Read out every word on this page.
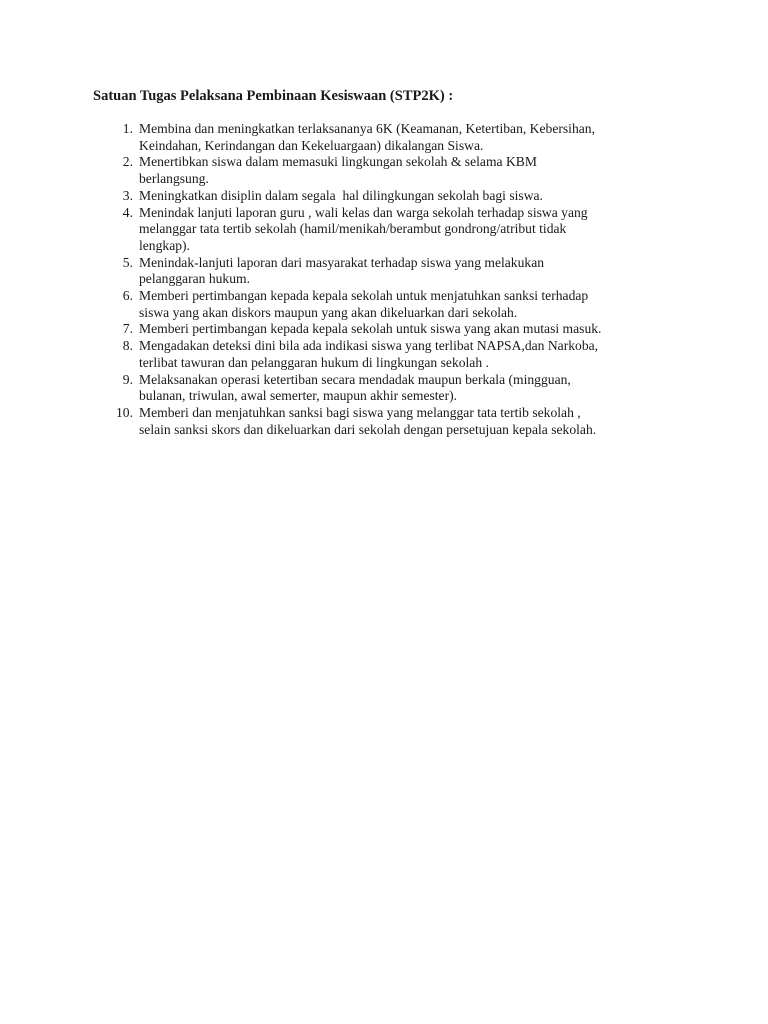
Satuan Tugas Pelaksana Pembinaan Kesiswaan (STP2K) :
1. Membina dan meningkatkan terlaksananya 6K (Keamanan, Ketertiban, Kebersihan,
Keindahan, Kerindangan dan Kekeluargaan) dikalangan Siswa.
2. Menertibkan siswa dalam memasuki lingkungan sekolah & selama KBM
berlangsung.
3. Meningkatkan disiplin dalam segala  hal dilingkungan sekolah bagi siswa.
4. Menindak lanjuti laporan guru , wali kelas dan warga sekolah terhadap siswa yang
melanggar tata tertib sekolah (hamil/menikah/berambut gondrong/atribut tidak
lengkap).
5. Menindak-lanjuti laporan dari masyarakat terhadap siswa yang melakukan
pelanggaran hukum.
6. Memberi pertimbangan kepada kepala sekolah untuk menjatuhkan sanksi terhadap
siswa yang akan diskors maupun yang akan dikeluarkan dari sekolah.
7. Memberi pertimbangan kepada kepala sekolah untuk siswa yang akan mutasi masuk.
8. Mengadakan deteksi dini bila ada indikasi siswa yang terlibat NAPSA,dan Narkoba,
terlibat tawuran dan pelanggaran hukum di lingkungan sekolah .
9. Melaksanakan operasi ketertiban secara mendadak maupun berkala (mingguan,
bulanan, triwulan, awal semerter, maupun akhir semester).
10. Memberi dan menjatuhkan sanksi bagi siswa yang melanggar tata tertib sekolah ,
selain sanksi skors dan dikeluarkan dari sekolah dengan persetujuan kepala sekolah.
